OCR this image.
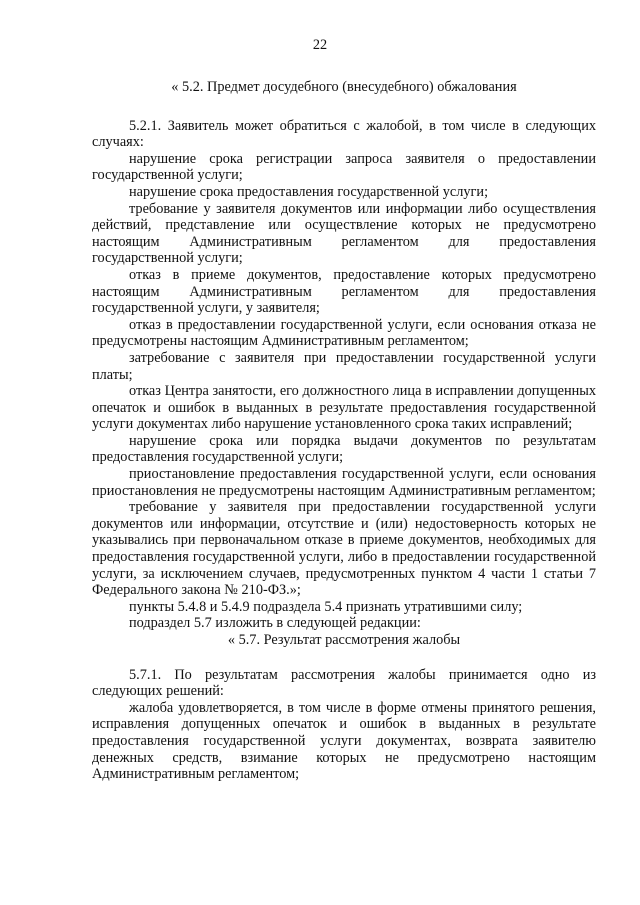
22
« 5.2. Предмет досудебного (внесудебного) обжалования
5.2.1. Заявитель может обратиться с жалобой, в том числе в следующих случаях:
нарушение срока регистрации запроса заявителя о предоставлении государственной услуги;
нарушение срока предоставления государственной услуги;
требование у заявителя документов или информации либо осуществления действий, представление или осуществление которых не предусмотрено настоящим Административным регламентом для предоставления государственной услуги;
отказ в приеме документов, предоставление которых предусмотрено настоящим Административным регламентом для предоставления государственной услуги, у заявителя;
отказ в предоставлении государственной услуги, если основания отказа не предусмотрены настоящим Административным регламентом;
затребование с заявителя при предоставлении государственной услуги платы;
отказ Центра занятости, его должностного лица в исправлении допущенных опечаток и ошибок в выданных в результате предоставления государственной услуги документах либо нарушение установленного срока таких исправлений;
нарушение срока или порядка выдачи документов по результатам предоставления государственной услуги;
приостановление предоставления государственной услуги, если основания приостановления не предусмотрены настоящим Административным регламентом;
требование у заявителя при предоставлении государственной услуги документов или информации, отсутствие и (или) недостоверность которых не указывались при первоначальном отказе в приеме документов, необходимых для предоставления государственной услуги, либо в предоставлении государственной услуги, за исключением случаев, предусмотренных пунктом 4 части 1 статьи 7 Федерального закона № 210-ФЗ.»;
пункты 5.4.8 и 5.4.9 подраздела 5.4 признать утратившими силу;
подраздел 5.7 изложить в следующей редакции:
« 5.7. Результат рассмотрения жалобы
5.7.1. По результатам рассмотрения жалобы принимается одно из следующих решений:
жалоба удовлетворяется, в том числе в форме отмены принятого решения, исправления допущенных опечаток и ошибок в выданных в результате предоставления государственной услуги документах, возврата заявителю денежных средств, взимание которых не предусмотрено настоящим Административным регламентом;
